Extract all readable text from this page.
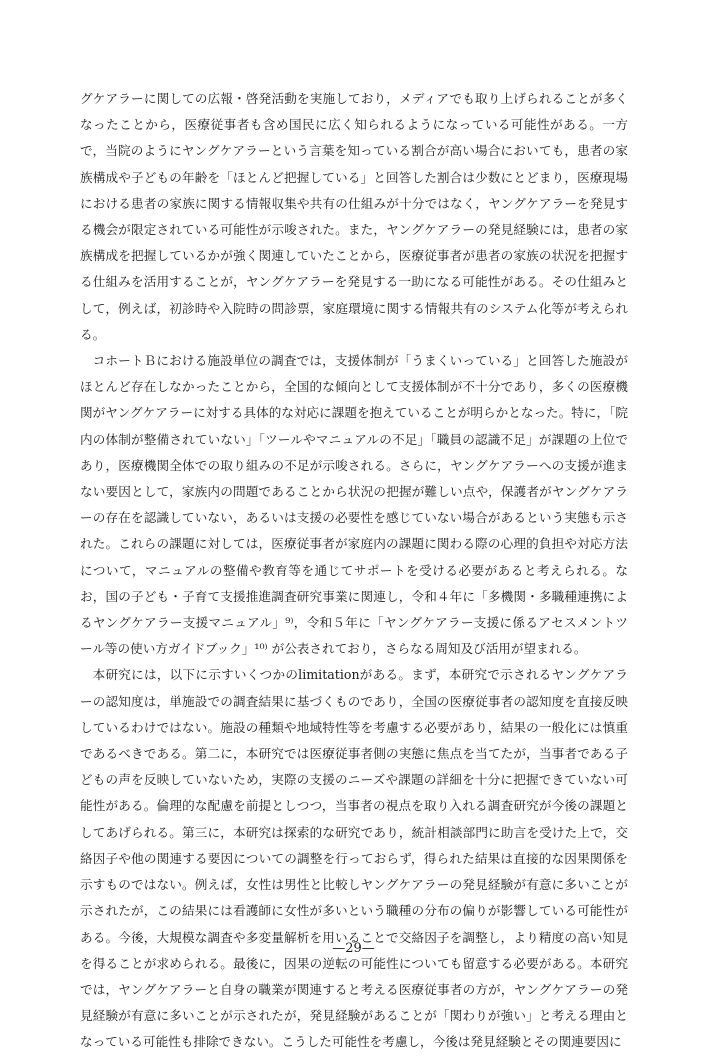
グケアラーに関しての広報・啓発活動を実施しており，メディアでも取り上げられることが多くなったことから，医療従事者も含め国民に広く知られるようになっている可能性がある。一方で，当院のようにヤングケアラーという言葉を知っている割合が高い場合においても，患者の家族構成や子どもの年齢を「ほとんど把握している」と回答した割合は少数にとどまり，医療現場における患者の家族に関する情報収集や共有の仕組みが十分ではなく，ヤングケアラーを発見する機会が限定されている可能性が示唆された。また，ヤングケアラーの発見経験には，患者の家族構成を把握しているかが強く関連していたことから，医療従事者が患者の家族の状況を把握する仕組みを活用することが，ヤングケアラーを発見する一助になる可能性がある。その仕組みとして，例えば，初診時や入院時の問診票，家庭環境に関する情報共有のシステム化等が考えられる。

コホートＢにおける施設単位の調査では，支援体制が「うまくいっている」と回答した施設がほとんど存在しなかったことから，全国的な傾向として支援体制が不十分であり，多くの医療機関がヤングケアラーに対する具体的な対応に課題を抱えていることが明らかとなった。特に，「院内の体制が整備されていない」「ツールやマニュアルの不足」「職員の認識不足」が課題の上位であり，医療機関全体での取り組みの不足が示唆される。さらに，ヤングケアラーへの支援が進まない要因として，家族内の問題であることから状況の把握が難しい点や，保護者がヤングケアラーの存在を認識していない，あるいは支援の必要性を感じていない場合があるという実態も示された。これらの課題に対しては，医療従事者が家庭内の課題に関わる際の心理的負担や対応方法について，マニュアルの整備や教育等を通じてサポートを受ける必要があると考えられる。なお，国の子ども・子育て支援推進調査研究事業に関連し，令和４年に「多機関・多職種連携によるヤングケアラー支援マニュアル」⁹⁾，令和５年に「ヤングケアラー支援に係るアセスメントツール等の使い方ガイドブック」¹⁰⁾ が公表されており，さらなる周知及び活用が望まれる。

本研究には，以下に示すいくつかのlimitationがある。まず，本研究で示されるヤングケアラーの認知度は，単施設での調査結果に基づくものであり，全国の医療従事者の認知度を直接反映しているわけではない。施設の種類や地域特性等を考慮する必要があり，結果の一般化には慎重であるべきである。第二に，本研究では医療従事者側の実態に焦点を当てたが，当事者である子どもの声を反映していないため，実際の支援のニーズや課題の詳細を十分に把握できていない可能性がある。倫理的な配慮を前提としつつ，当事者の視点を取り入れる調査研究が今後の課題としてあげられる。第三に，本研究は探索的な研究であり，統計相談部門に助言を受けた上で，交絡因子や他の関連する要因についての調整を行っておらず，得られた結果は直接的な因果関係を示すものではない。例えば，女性は男性と比較しヤングケアラーの発見経験が有意に多いことが示されたが，この結果には看護師に女性が多いという職種の分布の偏りが影響している可能性がある。今後，大規模な調査や多変量解析を用いることで交絡因子を調整し，より精度の高い知見を得ることが求められる。最後に，因果の逆転の可能性についても留意する必要がある。本研究では，ヤングケアラーと自身の職業が関連すると考える医療従事者の方が，ヤングケアラーの発見経験が有意に多いことが示されたが，発見経験があることが「関わりが強い」と考える理由となっている可能性も排除できない。こうした可能性を考慮し，今後は発見経験とその関連要因に

—29—
